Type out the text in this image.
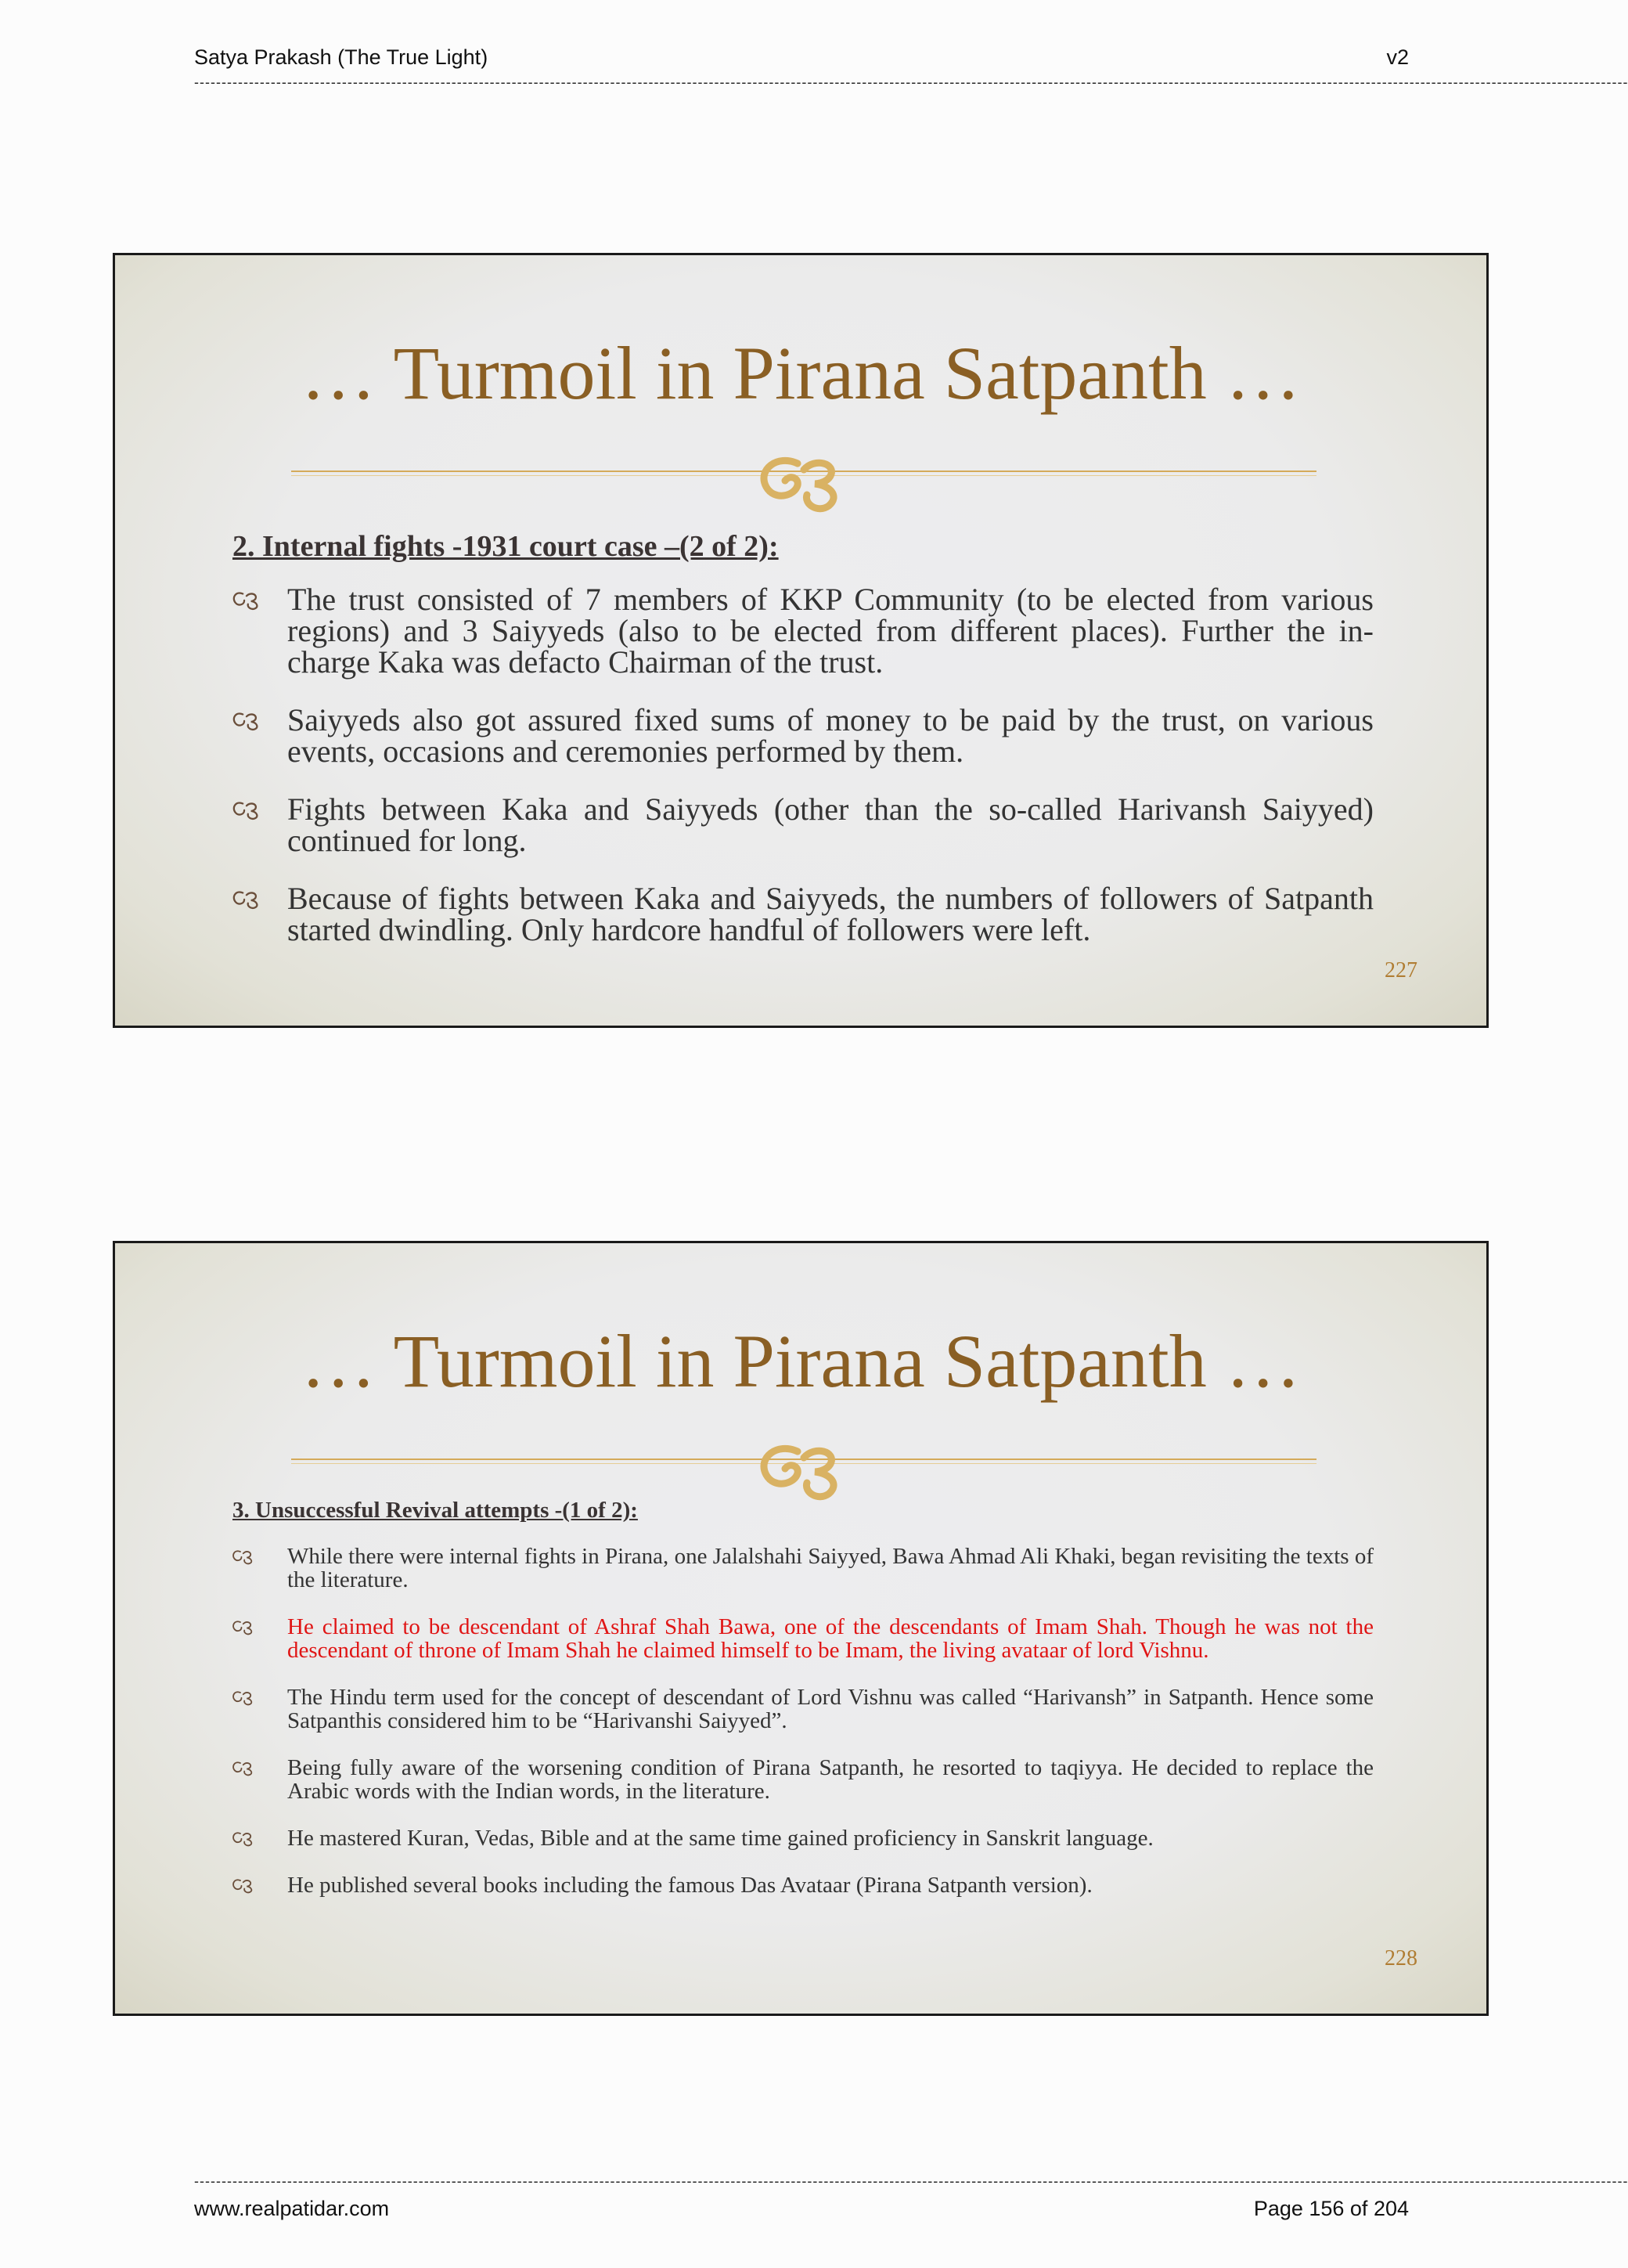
Satya Prakash (The True Light)	v2
----------------------------------------------------------------------------------------------------------------------------------------------------------------------------------------------------------------------------------------------------------------------
… Turmoil in Pirana Satpanth …
2. Internal fights -1931 court case –(2 of 2):
The trust consisted of 7 members of KKP Community (to be elected from various regions) and 3 Saiyyeds (also to be elected from different places). Further the in-charge Kaka was defacto Chairman of the trust.
Saiyyeds also got assured fixed sums of money to be paid by the trust, on various events, occasions and ceremonies performed by them.
Fights between Kaka and Saiyyeds (other than the so-called Harivansh Saiyyed) continued for long.
Because of fights between Kaka and Saiyyeds, the numbers of followers of Satpanth started dwindling. Only hardcore handful of followers were left.
227
… Turmoil in Pirana Satpanth …
3. Unsuccessful Revival attempts -(1 of 2):
While there were internal fights in Pirana, one Jalalshahi Saiyyed, Bawa Ahmad Ali Khaki, began revisiting the texts of the literature.
He claimed to be descendant of Ashraf Shah Bawa, one of the descendants of Imam Shah. Though he was not the descendant of throne of Imam Shah he claimed himself to be Imam, the living avataar of lord Vishnu.
The Hindu term used for the concept of descendant of Lord Vishnu was called “Harivansh” in Satpanth. Hence some Satpanthis considered him to be “Harivanshi Saiyyed”.
Being fully aware of the worsening condition of Pirana Satpanth, he resorted to taqiyya. He decided to replace the Arabic words with the Indian words, in the literature.
He mastered Kuran, Vedas, Bible and at the same time gained proficiency in Sanskrit language.
He published several books including the famous Das Avataar (Pirana Satpanth version).
228
----------------------------------------------------------------------------------------------------------------------------------------------------------------------------------------------------------------------------------------------------------------------
www.realpatidar.com	Page 156 of 204
